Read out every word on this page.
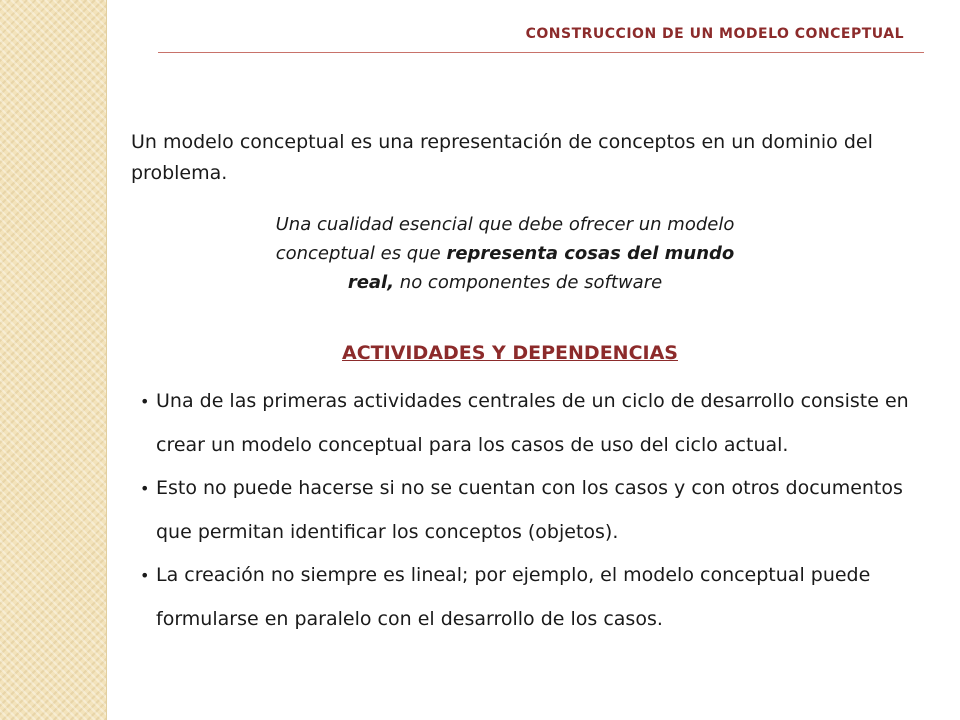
CONSTRUCCION DE UN MODELO CONCEPTUAL
Un modelo conceptual es una representación de conceptos en un dominio del problema.
Una cualidad esencial que debe ofrecer un modelo conceptual es que representa cosas del mundo real, no componentes de software
ACTIVIDADES Y DEPENDENCIAS
• Una de las primeras actividades centrales de un ciclo de desarrollo consiste en crear un modelo conceptual para los casos de uso del ciclo actual.
• Esto no puede hacerse si no se cuentan con los casos y con otros documentos que permitan identificar los conceptos (objetos).
• La creación no siempre es lineal; por ejemplo, el modelo conceptual puede formularse en paralelo con el desarrollo de los casos.
